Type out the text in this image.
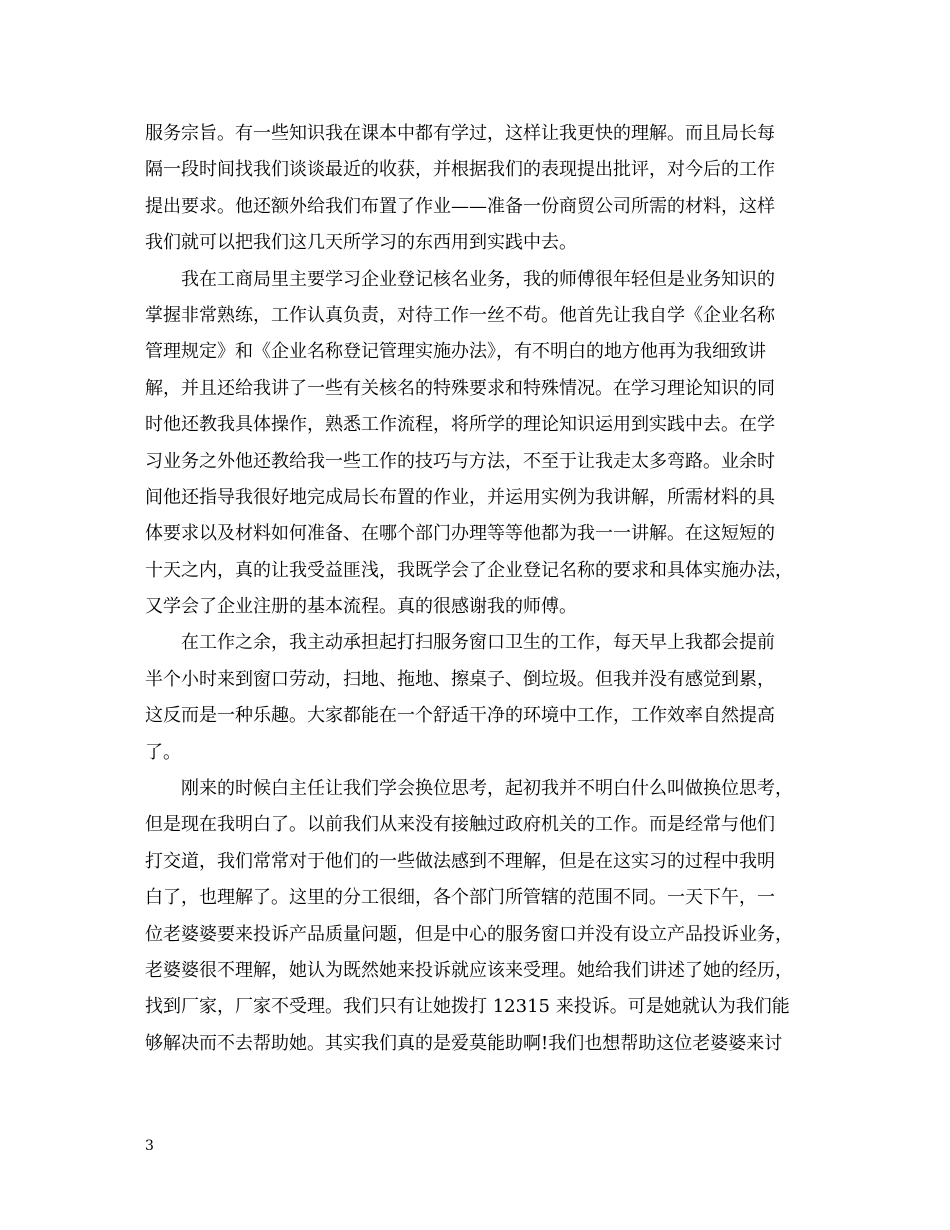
服务宗旨。有一些知识我在课本中都有学过，这样让我更快的理解。而且局长每
隔一段时间找我们谈谈最近的收获，并根据我们的表现提出批评，对今后的工作
提出要求。他还额外给我们布置了作业——准备一份商贸公司所需的材料，这样
我们就可以把我们这几天所学习的东西用到实践中去。
我在工商局里主要学习企业登记核名业务，我的师傅很年轻但是业务知识的
掌握非常熟练，工作认真负责，对待工作一丝不苟。他首先让我自学《企业名称
管理规定》和《企业名称登记管理实施办法》，有不明白的地方他再为我细致讲
解，并且还给我讲了一些有关核名的特殊要求和特殊情况。在学习理论知识的同
时他还教我具体操作，熟悉工作流程，将所学的理论知识运用到实践中去。在学
习业务之外他还教给我一些工作的技巧与方法，不至于让我走太多弯路。业余时
间他还指导我很好地完成局长布置的作业，并运用实例为我讲解，所需材料的具
体要求以及材料如何准备、在哪个部门办理等等他都为我一一讲解。在这短短的
十天之内，真的让我受益匪浅，我既学会了企业登记名称的要求和具体实施办法，
又学会了企业注册的基本流程。真的很感谢我的师傅。
在工作之余，我主动承担起打扫服务窗口卫生的工作，每天早上我都会提前
半个小时来到窗口劳动，扫地、拖地、擦桌子、倒垃圾。但我并没有感觉到累，
这反而是一种乐趣。大家都能在一个舒适干净的环境中工作，工作效率自然提高
了。
刚来的时候白主任让我们学会换位思考，起初我并不明白什么叫做换位思考，
但是现在我明白了。以前我们从来没有接触过政府机关的工作。而是经常与他们
打交道，我们常常对于他们的一些做法感到不理解，但是在这实习的过程中我明
白了，也理解了。这里的分工很细，各个部门所管辖的范围不同。一天下午，一
位老婆婆要来投诉产品质量问题，但是中心的服务窗口并没有设立产品投诉业务，
老婆婆很不理解，她认为既然她来投诉就应该来受理。她给我们讲述了她的经历，
找到厂家，厂家不受理。我们只有让她拨打 12315 来投诉。可是她就认为我们能
够解决而不去帮助她。其实我们真的是爱莫能助啊!我们也想帮助这位老婆婆来讨
3
